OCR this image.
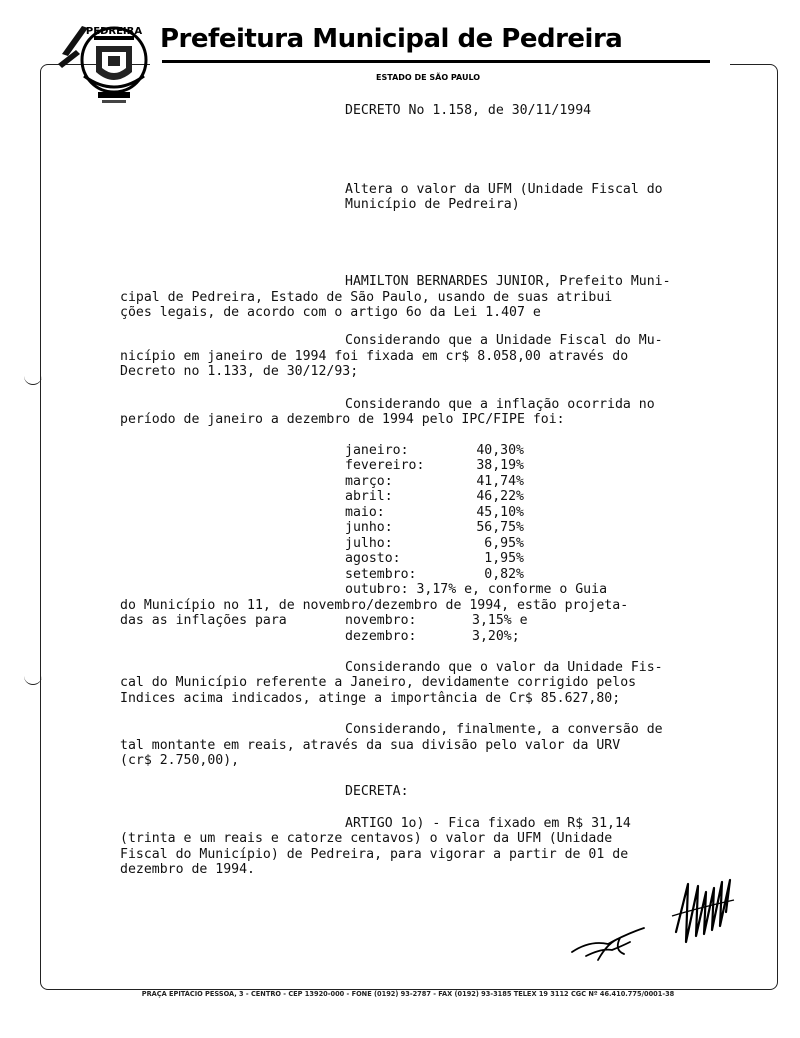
PEDREIRA Prefeitura Municipal de Pedreira
ESTADO DE SÃO PAULO
DECRETO No 1.158, de 30/11/1994
Altera o valor da UFM (Unidade Fiscal do
Município de Pedreira)
HAMILTON BERNARDES JUNIOR, Prefeito Muni-
cipal de Pedreira, Estado de São Paulo, usando de suas atribui
ções legais, de acordo com o artigo 6o da Lei 1.407 e
Considerando que a Unidade Fiscal do Mu-
nicípio em janeiro de 1994 foi fixada em cr$ 8.058,00 através do
Decreto no 1.133, de 30/12/93;
Considerando que a inflação ocorrida no
período de janeiro a dezembro de 1994 pelo IPC/FIPE foi:
janeiro:	40,30%
fevereiro:	38,19%
março:	41,74%
abril:	46,22%
maio:	45,10%
junho:	56,75%
julho:	6,95%
agosto:	1,95%
setembro:	0,82%
outubro: 3,17% e, conforme o Guia
do Município no 11, de novembro/dezembro de 1994, estão projeta-
das as inflações para	novembro:	3,15% e
dezembro:	3,20%;
Considerando que o valor da Unidade Fis-
cal do Município referente a Janeiro, devidamente corrigido pelos
Indices acima indicados, atinge a importância de Cr$ 85.627,80;
Considerando, finalmente, a conversão de
tal montante em reais, através da sua divisão pelo valor da URV
(cr$ 2.750,00),
DECRETA:
ARTIGO 1o) - Fica fixado em R$ 31,14
(trinta e um reais e catorze centavos) o valor da UFM (Unidade
Fiscal do Município) de Pedreira, para vigorar a partir de 01 de
dezembro de 1994.
PRAÇA EPITÁCIO PESSOA, 3 - CENTRO - CEP 13920-000 - FONE (0192) 93-2787 - FAX (0192) 93-3185 TELEX 19 3112 CGC Nº 46.410.775/0001-38
